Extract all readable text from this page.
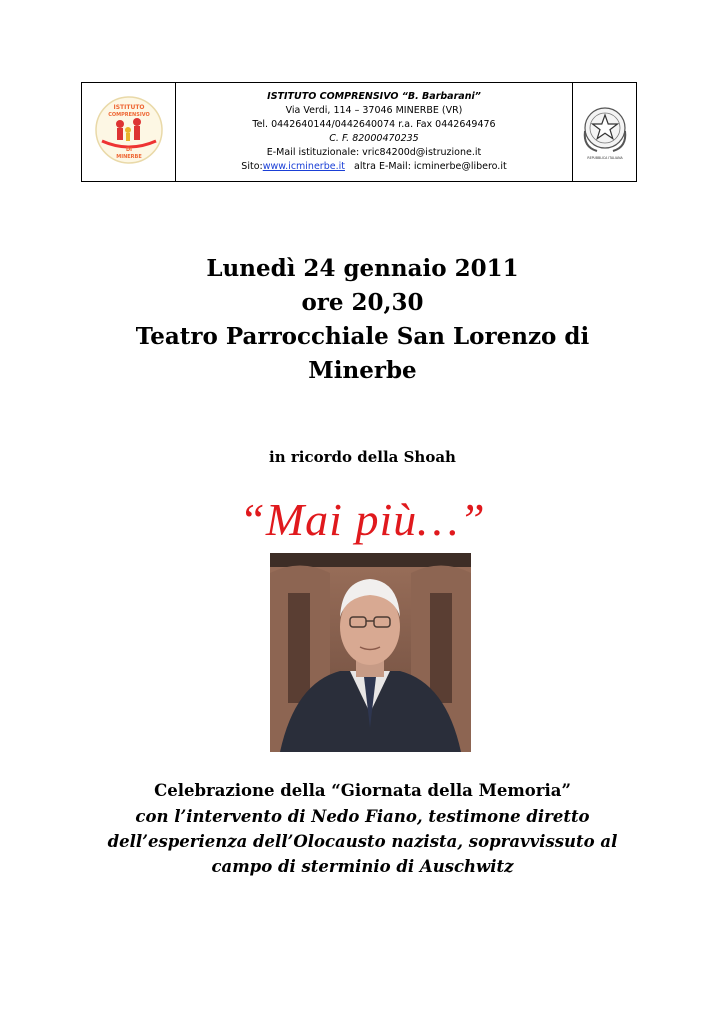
ISTITUTO
COMPRENSIVO
DI
MINERBE

ISTITUTO COMPRENSIVO “B. Barbarani”
Via Verdi, 114 – 37046 MINERBE (VR)
Tel. 0442640144/0442640074 r.a. Fax 0442649476
C. F. 82000470235
E-Mail istituzionale: vric84200d@istruzione.it
Sito:www.icminerbe.it altra E-Mail: icminerbe@libero.it

REPUBBLICA ITALIANA
Lunedì 24 gennaio 2011
ore 20,30
Teatro Parrocchiale San Lorenzo di
Minerbe
in ricordo della Shoah
“Mai più…”
Celebrazione della “Giornata della Memoria”
con l’intervento di Nedo Fiano, testimone diretto
dell’esperienza dell’Olocausto nazista, sopravvissuto al
campo di sterminio di Auschwitz
